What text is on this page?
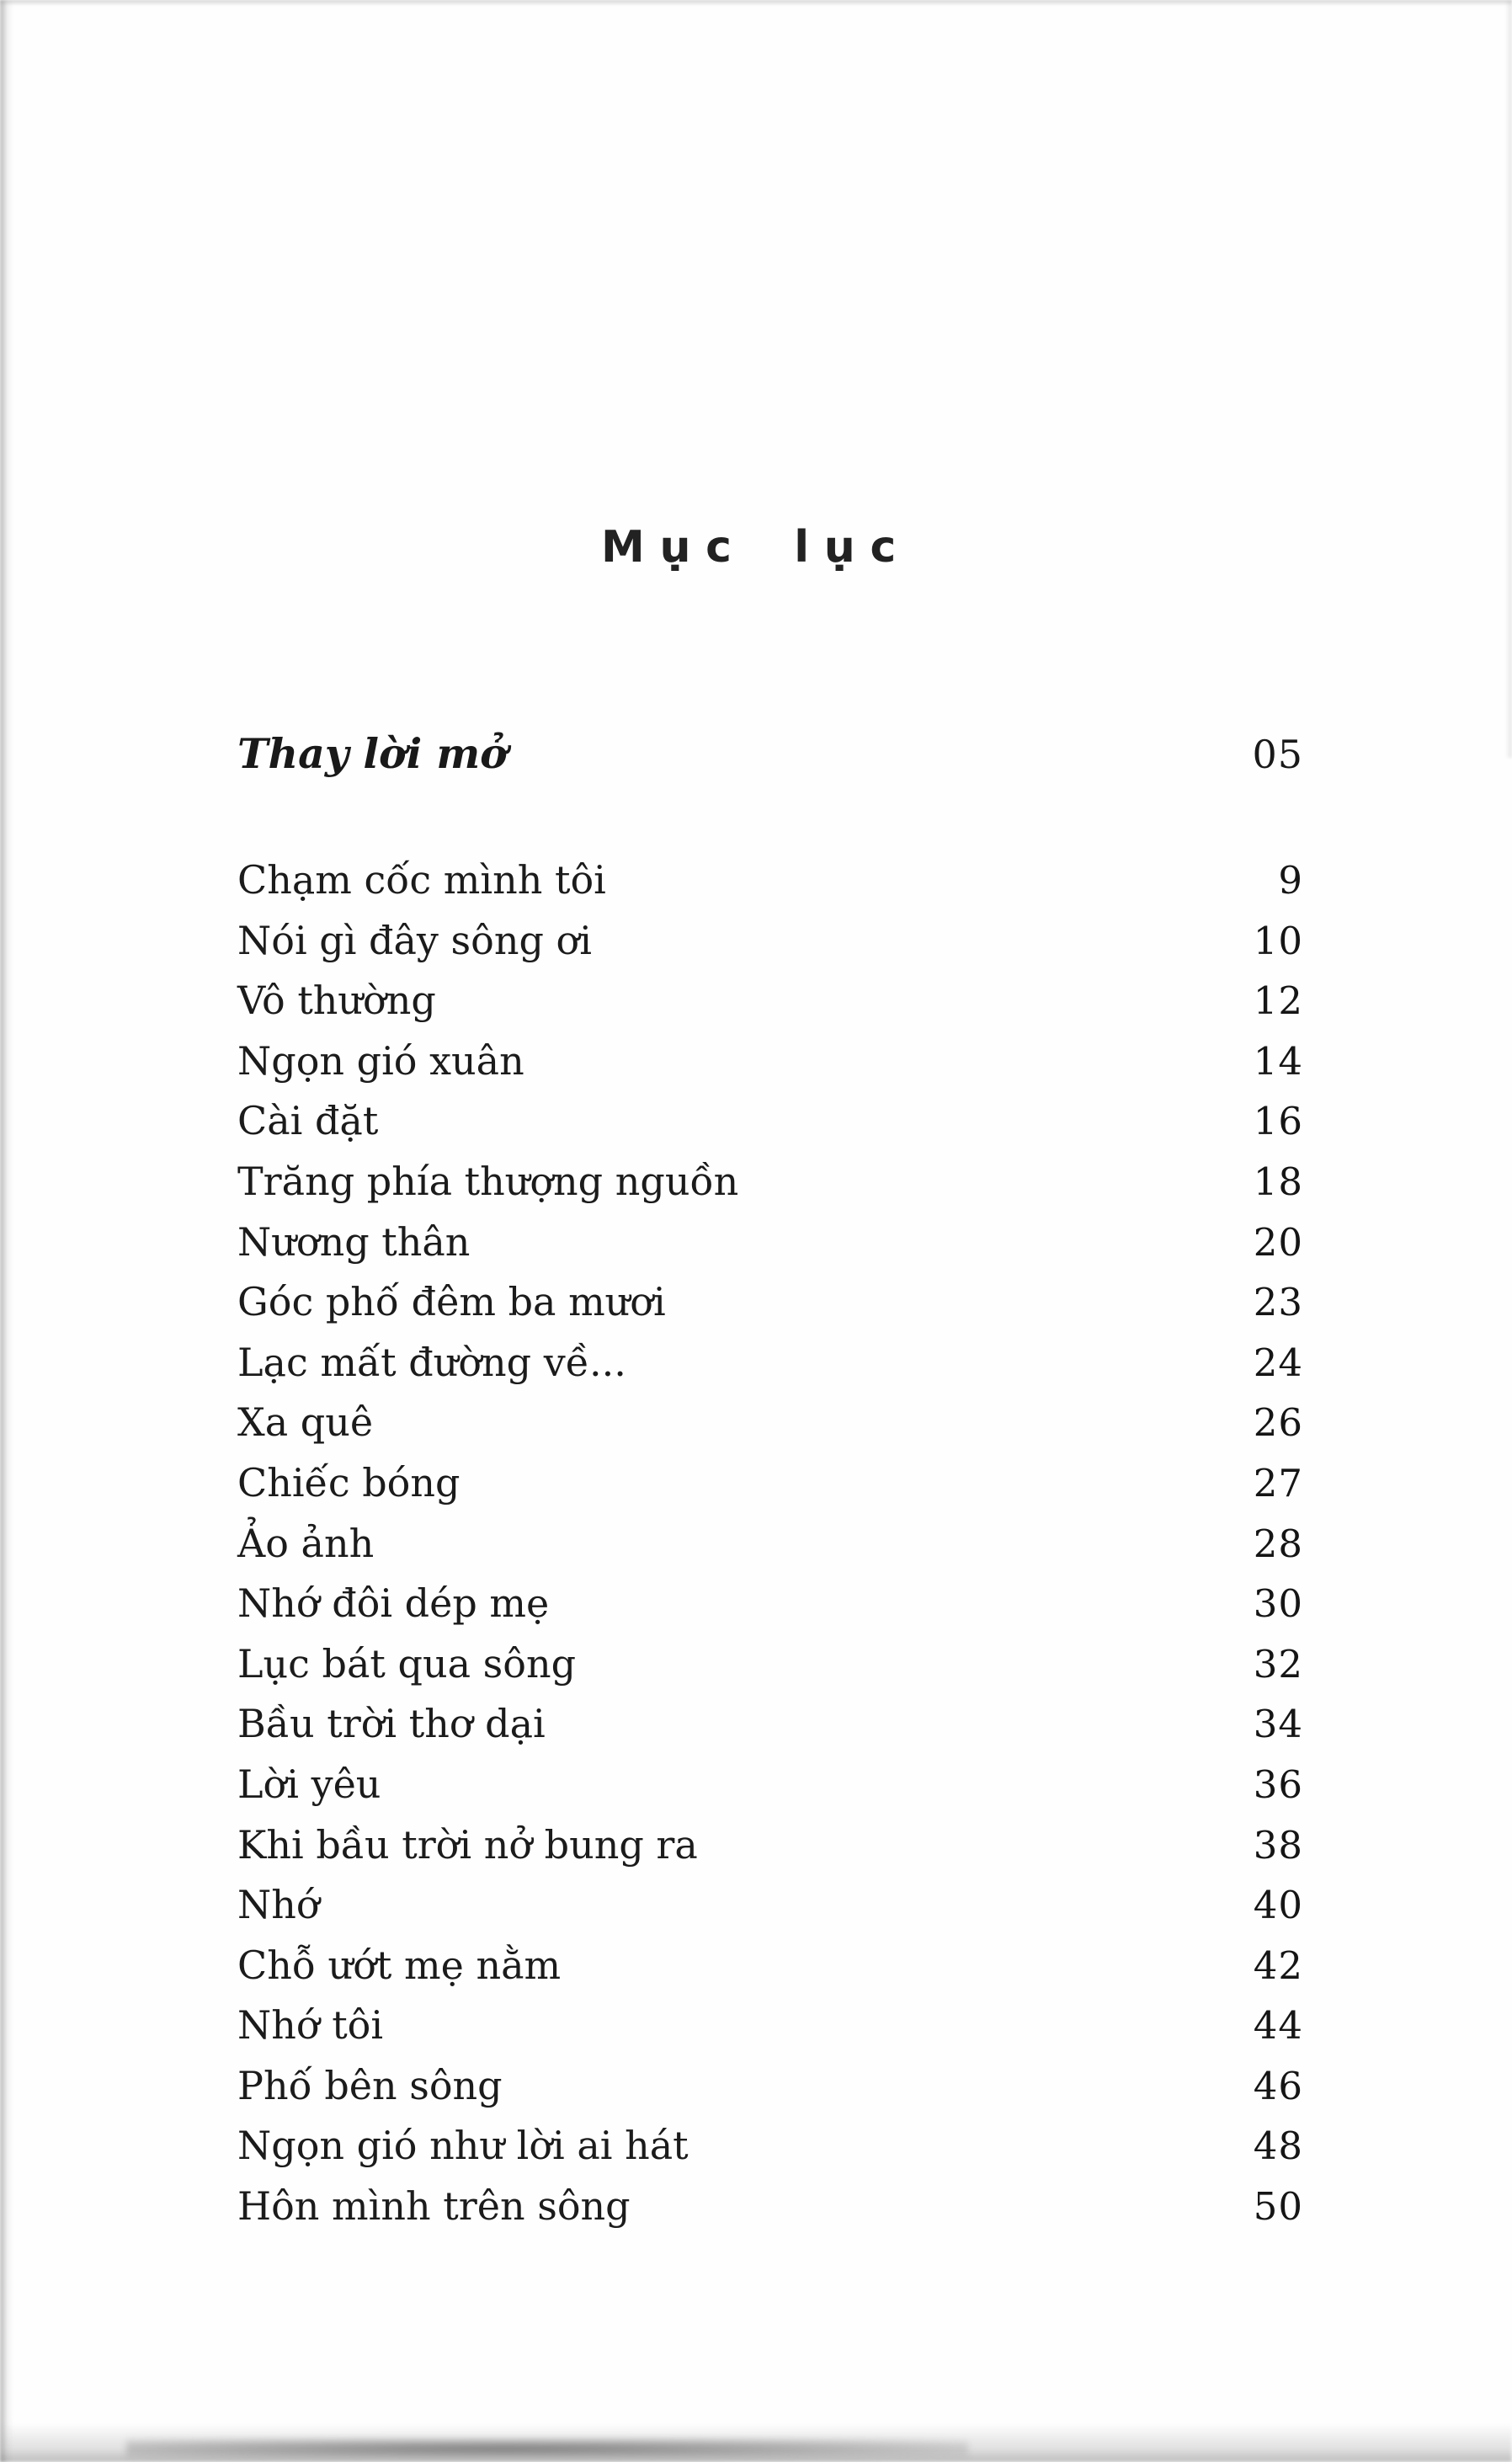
Mục lục
Thay lời mở	05
Chạm cốc mình tôi	9
Nói gì đây sông ơi	10
Vô thường	12
Ngọn gió xuân	14
Cài đặt	16
Trăng phía thượng nguồn	18
Nương thân	20
Góc phố đêm ba mươi	23
Lạc mất đường về...	24
Xa quê	26
Chiếc bóng	27
Ảo ảnh	28
Nhớ đôi dép mẹ	30
Lục bát qua sông	32
Bầu trời thơ dại	34
Lời yêu	36
Khi bầu trời nở bung ra	38
Nhớ	40
Chỗ ướt mẹ nằm	42
Nhớ tôi	44
Phố bên sông	46
Ngọn gió như lời ai hát	48
Hôn mình trên sông	50
